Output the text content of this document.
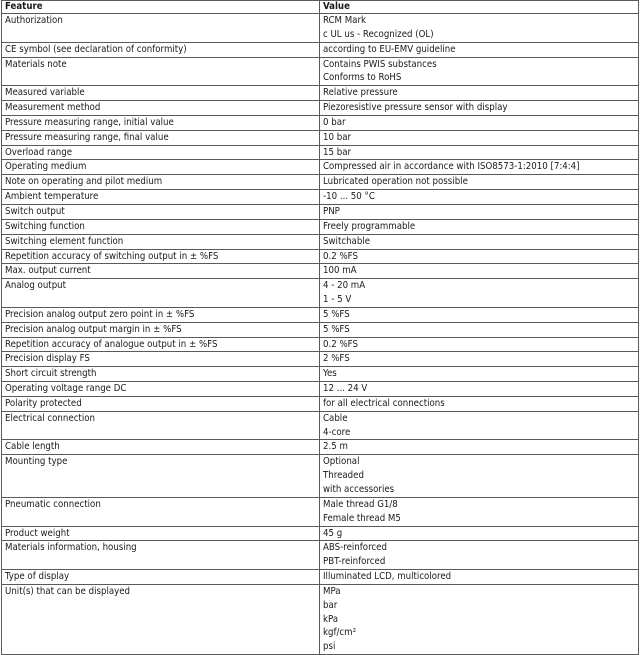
Feature	Value
Authorization	RCM Mark
c UL us - Recognized (OL)

CE symbol (see declaration of conformity)	according to EU-EMV guideline

Materials note	Contains PWIS substances
Conforms to RoHS

Measured variable	Relative pressure

Measurement method	Piezoresistive pressure sensor with display

Pressure measuring range, initial value	0 bar

Pressure measuring range, final value	10 bar

Overload range	15 bar

Operating medium	Compressed air in accordance with ISO8573-1:2010 [7:4:4]

Note on operating and pilot medium	Lubricated operation not possible

Ambient temperature	-10 ... 50 °C

Switch output	PNP

Switching function	Freely programmable

Switching element function	Switchable

Repetition accuracy of switching output in ± %FS	0.2 %FS

Max. output current	100 mA

Analog output	4 - 20 mA
1 - 5 V

Precision analog output zero point in ± %FS	5 %FS

Precision analog output margin in ± %FS	5 %FS

Repetition accuracy of analogue output in ± %FS	0.2 %FS

Precision display FS	2 %FS

Short circuit strength	Yes

Operating voltage range DC	12 ... 24 V

Polarity protected	for all electrical connections

Electrical connection	Cable
4-core

Cable length	2.5 m

Mounting type	Optional
Threaded
with accessories

Pneumatic connection	Male thread G1/8
Female thread M5

Product weight	45 g

Materials information, housing	ABS-reinforced
PBT-reinforced

Type of display	Illuminated LCD, multicolored

Unit(s) that can be displayed	MPa
bar
kPa
kgf/cm²
psi
